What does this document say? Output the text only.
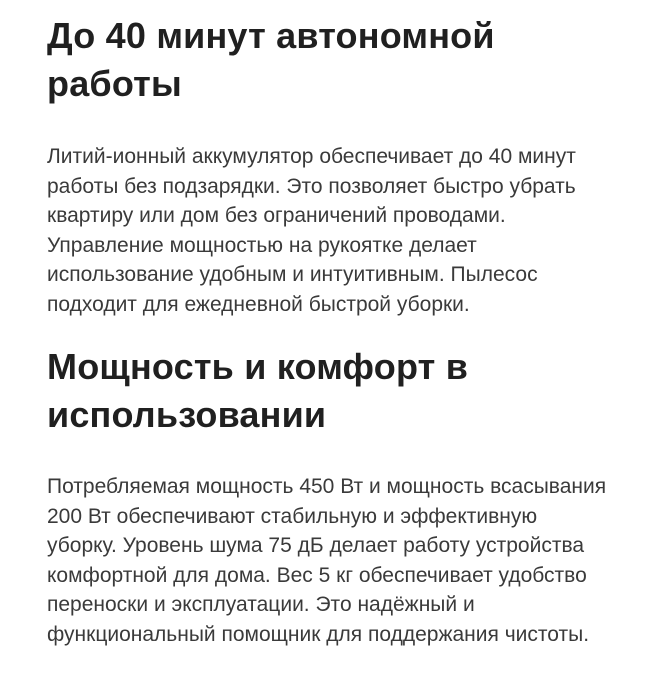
До 40 минут автономной работы

Литий-ионный аккумулятор обеспечивает до 40 минут работы без подзарядки. Это позволяет быстро убрать квартиру или дом без ограничений проводами. Управление мощностью на рукоятке делает использование удобным и интуитивным. Пылесос подходит для ежедневной быстрой уборки.

Мощность и комфорт в использовании

Потребляемая мощность 450 Вт и мощность всасывания 200 Вт обеспечивают стабильную и эффективную уборку. Уровень шума 75 дБ делает работу устройства комфортной для дома. Вес 5 кг обеспечивает удобство переноски и эксплуатации. Это надёжный и функциональный помощник для поддержания чистоты.
